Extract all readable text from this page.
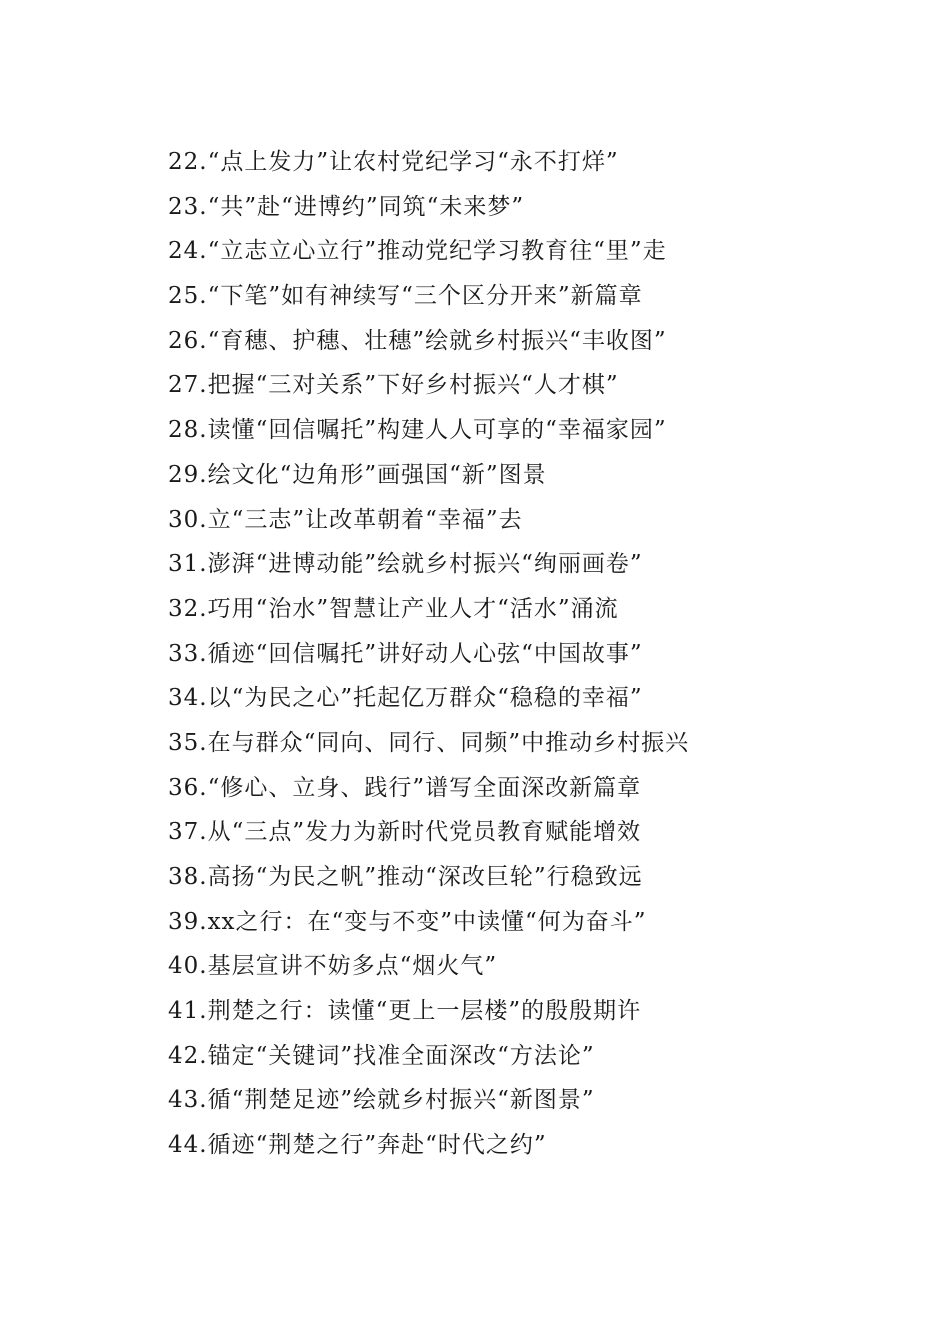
22.“点上发力”让农村党纪学习“永不打烊”
23.“共”赴“进博约”同筑“未来梦”
24.“立志立心立行”推动党纪学习教育往“里”走
25.“下笔”如有神续写“三个区分开来”新篇章
26.“育穗、护穗、壮穗”绘就乡村振兴“丰收图”
27.把握“三对关系”下好乡村振兴“人才棋”
28.读懂“回信嘱托”构建人人可享的“幸福家园”
29.绘文化“边角形”画强国“新”图景
30.立“三志”让改革朝着“幸福”去
31.澎湃“进博动能”绘就乡村振兴“绚丽画卷”
32.巧用“治水”智慧让产业人才“活水”涌流
33.循迹“回信嘱托”讲好动人心弦“中国故事”
34.以“为民之心”托起亿万群众“稳稳的幸福”
35.在与群众“同向、同行、同频”中推动乡村振兴
36.“修心、立身、践行”谱写全面深改新篇章
37.从“三点”发力为新时代党员教育赋能增效
38.高扬“为民之帆”推动“深改巨轮”行稳致远
39.xx之行：在“变与不变”中读懂“何为奋斗”
40.基层宣讲不妨多点“烟火气”
41.荆楚之行：读懂“更上一层楼”的殷殷期许
42.锚定“关键词”找准全面深改“方法论”
43.循“荆楚足迹”绘就乡村振兴“新图景”
44.循迹“荆楚之行”奔赴“时代之约”
